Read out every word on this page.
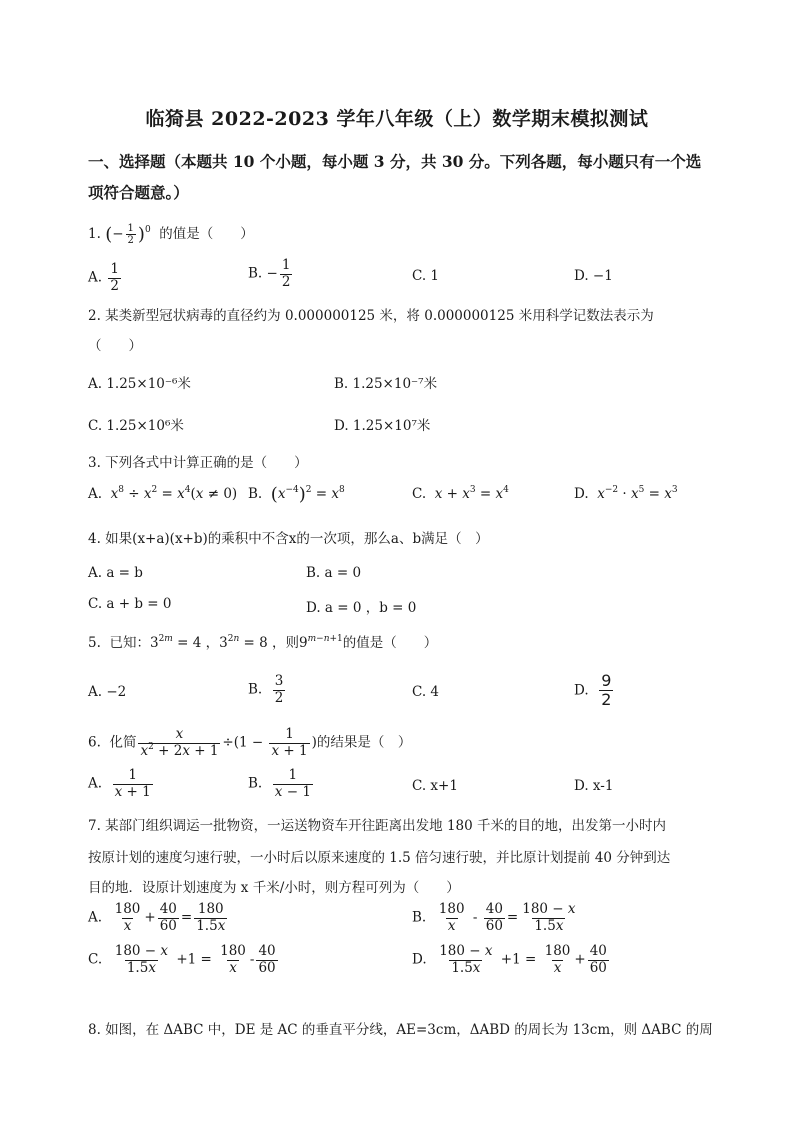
临猗县 2022-2023 学年八年级（上）数学期末模拟测试
一、选择题（本题共 10 个小题，每小题 3 分，共 30 分。下列各题，每小题只有一个选
项符合题意。）
1. (− $\frac{1}{2} )^0$ 的值是（　　）
A. $\frac{1}{2}$	B. − $\frac{1}{2}$	C. 1	D. −1
2. 某类新型冠状病毒的直径约为 0.000000125 米，将 0.000000125 米用科学记数法表示为
（　　）
A. 1.25×10⁻⁶米	B. 1.25×10⁻⁷米
C. 1.25×10⁶米	D. 1.25×10⁷米
3. 下列各式中计算正确的是（　　）
A.  $x^8 \div x^2 = x^4(x \ne 0)$ B.  $(x^{-4})^2 = x^8$	C.  $x + x^3 = x^4$	D.  $x^{-2} \cdot x^5 = x^3$
4. 如果(x+a)(x+b)的乘积中不含x的一次项，那么a、b满足（　）
A. a = b	B. a = 0
C. a + b = 0	D. a = 0 ，b = 0
5.  已知：$3^{2m} = 4$ ，$3^{2n} = 8$ ，则$9^{m-n+1}$的值是（　　）
A. −2	B. $\frac{3}{2}$	C. 4	D. $\frac{9}{2}$
6.  化简 $\frac{x}{x^2 + 2x + 1} \div(1 - \frac{1}{x + 1}$ )的结果是（　）
A. $\frac{1}{x + 1}$	B. $\frac{1}{x - 1}$	C. x+1	D. x-1
7. 某部门组织调运一批物资，一运送物资车开往距离出发地 180 千米的目的地，出发第一小时内
按原计划的速度匀速行驶，一小时后以原来速度的 1.5 倍匀速行驶，并比原计划提前 40 分钟到达
目的地．设原计划速度为 x 千米/小时，则方程可列为（　　）
A. $\frac{180}{x} + \frac{40}{60} = \frac{180}{1.5x}$	B. $\frac{180}{x} - \frac{40}{60} = \frac{180 - x}{1.5x}$
C. $\frac{180 - x}{1.5x} +1 = \frac{180}{x} - \frac{40}{60}$	D. $\frac{180 - x}{1.5x} +1 = \frac{180}{x} + \frac{40}{60}$
8. 如图，在 ΔABC 中，DE 是 AC 的垂直平分线，AE=3cm，ΔABD 的周长为 13cm，则 ΔABC 的周
